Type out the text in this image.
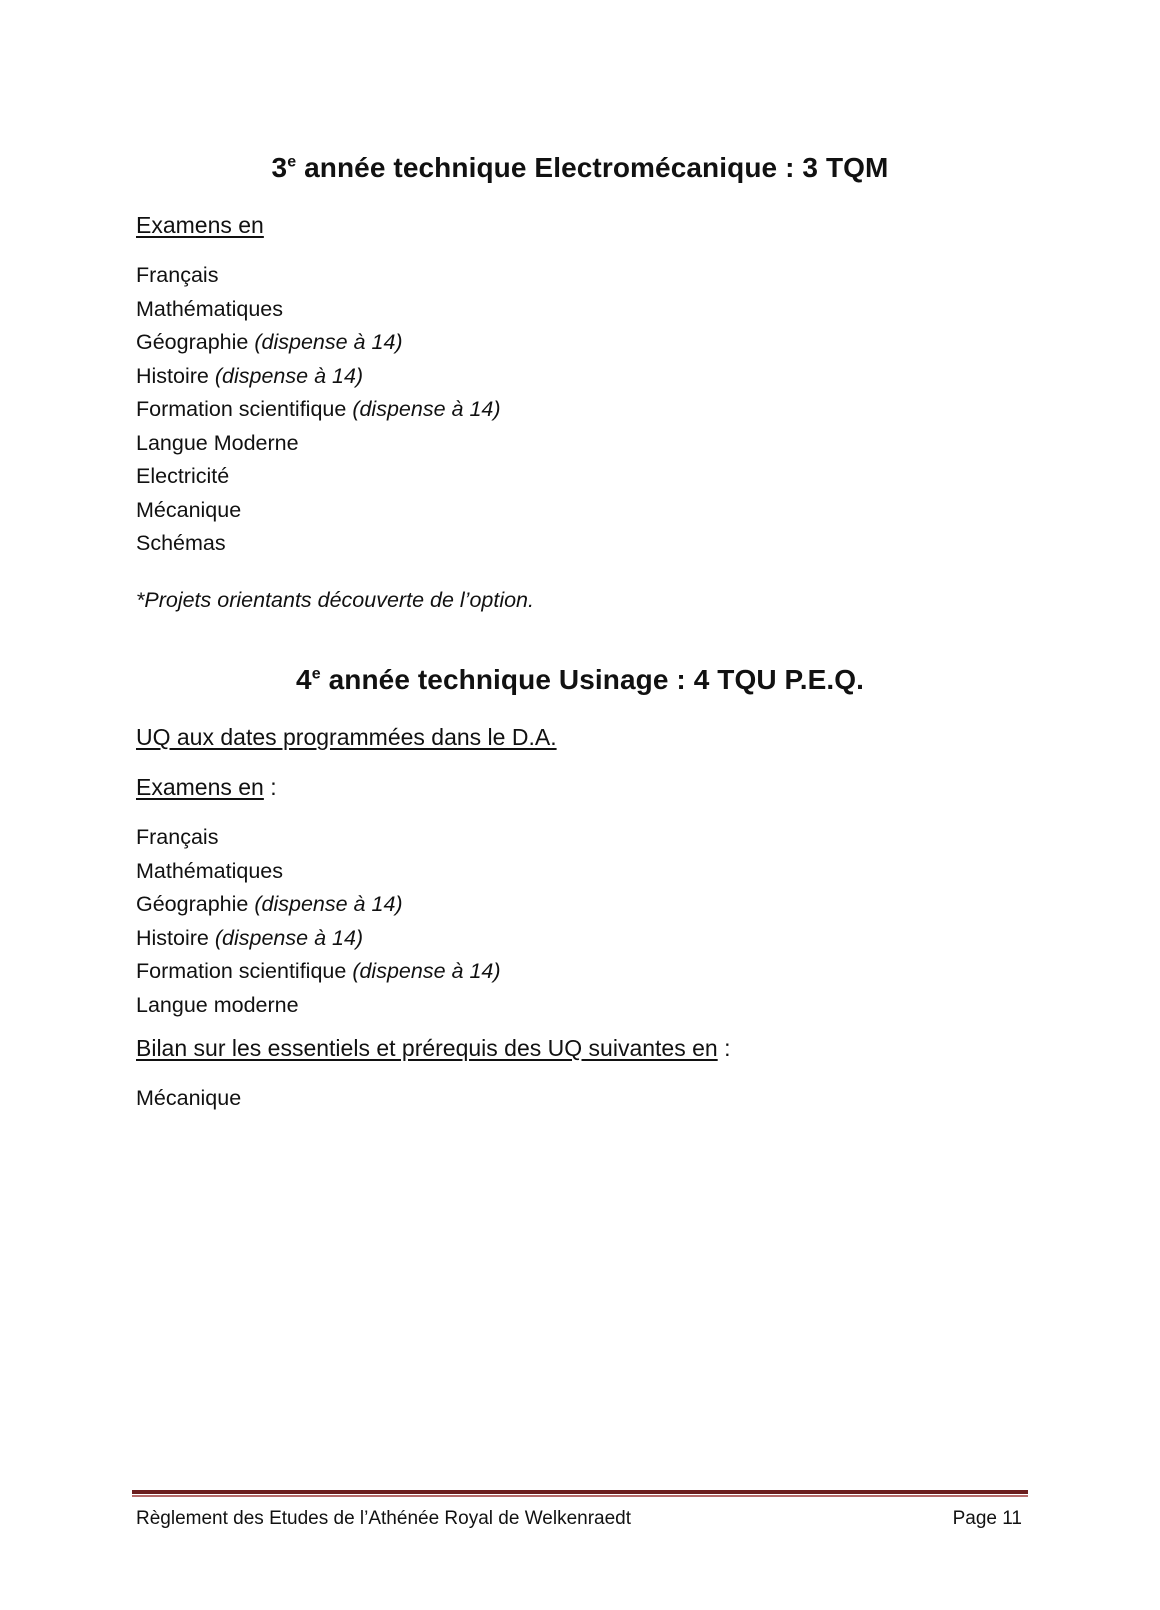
3e année technique Electromécanique : 3 TQM
Examens en
Français
Mathématiques
Géographie (dispense à 14)
Histoire (dispense à 14)
Formation scientifique (dispense à 14)
Langue Moderne
Electricité
Mécanique
Schémas
*Projets orientants découverte de l’option.
4e année technique Usinage : 4 TQU P.E.Q.
UQ aux dates programmées dans le D.A.
Examens en :
Français
Mathématiques
Géographie (dispense à 14)
Histoire (dispense à 14)
Formation scientifique (dispense à 14)
Langue moderne
Bilan sur les essentiels et prérequis des UQ suivantes en :
Mécanique
Règlement des Etudes de l’Athénée Royal de Welkenraedt	Page 11
